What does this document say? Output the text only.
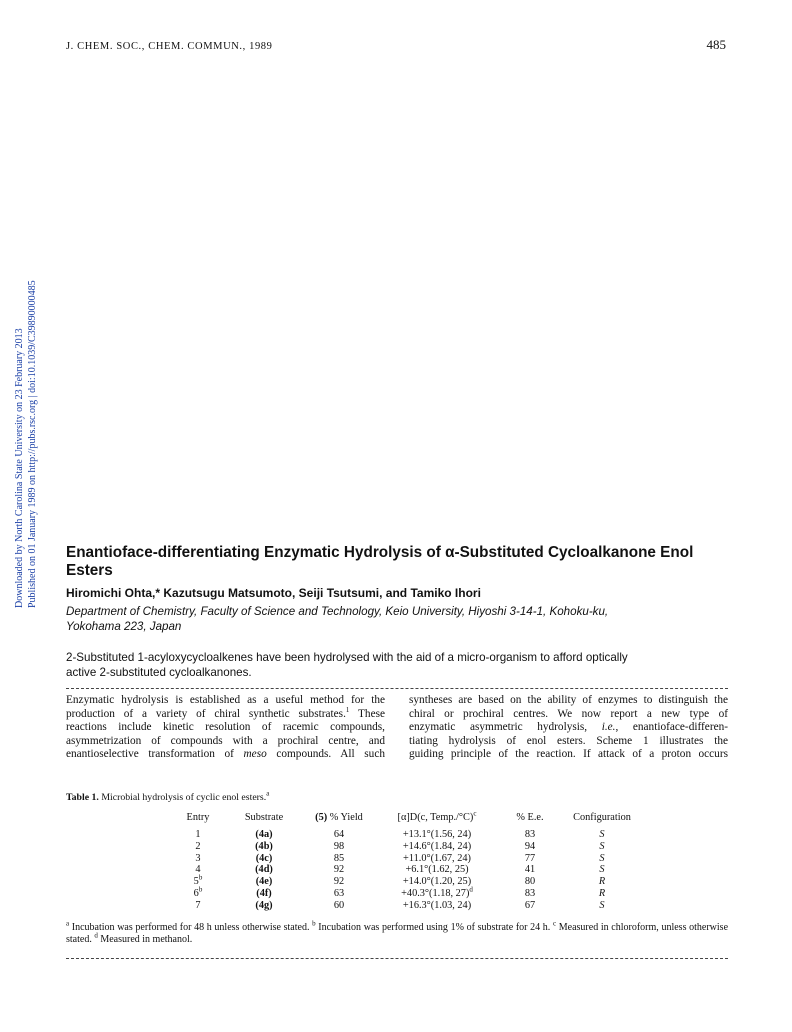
J. CHEM. SOC., CHEM. COMMUN., 1989	485
Downloaded by North Carolina State University on 23 February 2013 Published on 01 January 1989 on http://pubs.rsc.org | doi:10.1039/C39890000485 Enantioface-differentiating Enzymatic Hydrolysis of α-Substituted Cycloalkanone Enol
Esters
Hiromichi Ohta,* Kazutsugu Matsumoto, Seiji Tsutsumi, and Tamiko Ihori
Department of Chemistry, Faculty of Science and Technology, Keio University, Hiyoshi 3-14-1, Kohoku-ku,
Yokohama 223, Japan
2-Substituted 1-acyloxycycloalkenes have been hydrolysed with the aid of a micro-organism to afford optically
active 2-substituted cycloalkanones.
Enzymatic hydrolysis is established as a useful method for the
production of a variety of chiral synthetic substrates.$^1$ These
reactions include kinetic resolution of racemic compounds,
asymmetrization of compounds with a prochiral centre, and
enantioselective transformation of meso compounds. All such
syntheses are based on the ability of enzymes to distinguish the
chiral or prochiral centres. We now report a new type of
enzymatic asymmetric hydrolysis, i.e., enantioface-differen-
tiating hydrolysis of enol esters. Scheme 1 illustrates the
guiding principle of the reaction. If attack of a proton occurs
Table 1. Microbial hydrolysis of cyclic enol esters.$^a$
Entry	Substrate	(5) % Yield	[α]D(c, Temp./°C)$^c$	% E.e.	Configuration
1	(4a)	64	+13.1°(1.56, 24)	83	S
2	(4b)	98	+14.6°(1.84, 24)	94	S
3	(4c)	85	+11.0°(1.67, 24)	77	S
4	(4d)	92	+6.1°(1.62, 25)	41	S
5$^b$	(4e)	92	+14.0°(1.20, 25)	80	R
6$^b$	(4f)	63	+40.3°(1.18, 27)$^d$	83	R
7	(4g)	60	+16.3°(1.03, 24)	67	S
$^a$ Incubation was performed for 48 h unless otherwise stated. $^b$ Incubation was performed using 1% of substrate for 24 h. $^c$ Measured in chloroform, unless otherwise stated. $^d$ Measured in methanol.
